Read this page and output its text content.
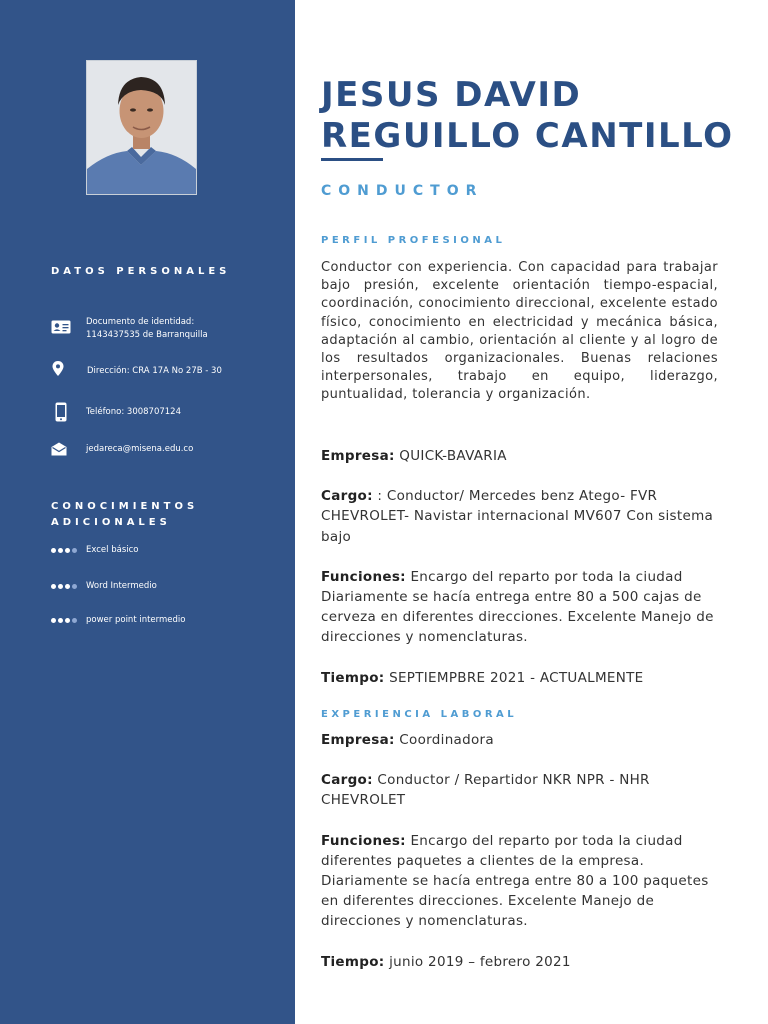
DATOS PERSONALES
Documento de identidad:
1143437535 de Barranquilla
Dirección: CRA 17A No 27B - 30
Teléfono: 3008707124
jedareca@misena.edu.co
CONOCIMIENTOS
ADICIONALES
Excel básico
Word Intermedio
power point intermedio
JESUS DAVID
REGUILLO CANTILLO
CONDUCTOR
PERFIL PROFESIONAL
Conductor con experiencia. Con capacidad para trabajar bajo presión, excelente orientación tiempo-espacial, coordinación, conocimiento direccional, excelente estado físico, conocimiento en electricidad y mecánica básica, adaptación al cambio, orientación al cliente y al logro de los resultados organizacionales. Buenas relaciones interpersonales, trabajo en equipo, liderazgo, puntualidad, tolerancia y organización.

Empresa: QUICK-BAVARIA

Cargo: : Conductor/ Mercedes benz Atego- FVR CHEVROLET- Navistar internacional MV607 Con sistema bajo

Funciones: Encargo del reparto por toda la ciudad Diariamente se hacía entrega entre 80 a 500 cajas de cerveza en diferentes direcciones. Excelente Manejo de direcciones y nomenclaturas.

Tiempo: SEPTIEMPBRE 2021 - ACTUALMENTE

EXPERIENCIA LABORAL

Empresa: Coordinadora

Cargo: Conductor / Repartidor NKR NPR - NHR CHEVROLET

Funciones: Encargo del reparto por toda la ciudad diferentes paquetes a clientes de la empresa. Diariamente se hacía entrega entre 80 a 100 paquetes en diferentes direcciones. Excelente Manejo de direcciones y nomenclaturas.

Tiempo: junio 2019 – febrero 2021
